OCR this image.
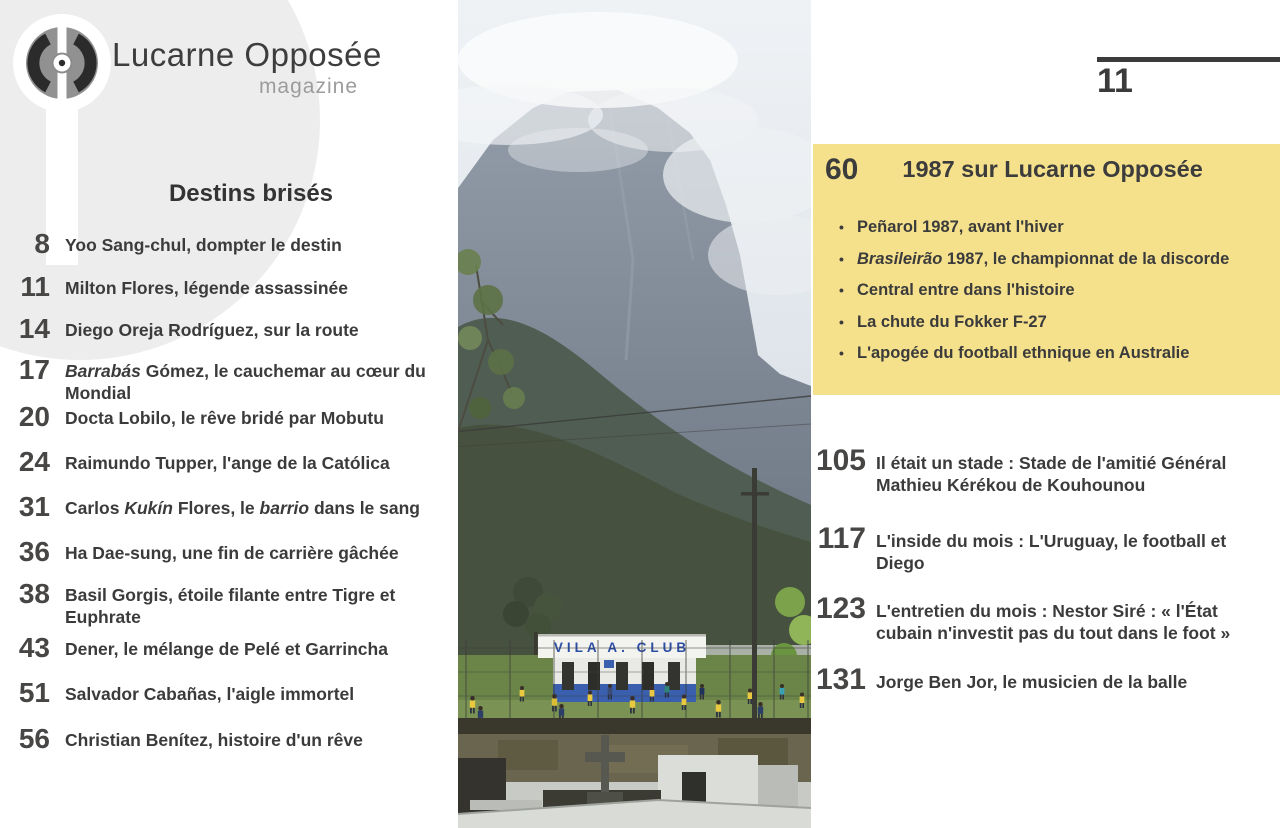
Lucarne Opposée
magazine
Destins brisés
8 Yoo Sang-chul, dompter le destin
11 Milton Flores, légende assassinée
14 Diego Oreja Rodríguez, sur la route
17 Barrabás Gómez, le cauchemar au cœur du Mondial
20 Docta Lobilo, le rêve bridé par Mobutu
24 Raimundo Tupper, l'ange de la Católica
31 Carlos Kukín Flores, le barrio dans le sang
36 Ha Dae-sung, une fin de carrière gâchée
38 Basil Gorgis, étoile filante entre Tigre et Euphrate
43 Dener, le mélange de Pelé et Garrincha
51 Salvador Cabañas, l'aigle immortel
56 Christian Benítez, histoire d'un rêve
11
60 1987 sur Lucarne Opposée
• Peñarol 1987, avant l'hiver
• Brasileirão 1987, le championnat de la discorde
• Central entre dans l'histoire
• La chute du Fokker F-27
• L'apogée du football ethnique en Australie
105 Il était un stade : Stade de l'amitié Général Mathieu Kérékou de Kouhounou
117 L'inside du mois : L'Uruguay, le football et Diego
123 L'entretien du mois : Nestor Siré : « l'État cubain n'investit pas du tout dans le foot »
131 Jorge Ben Jor, le musicien de la balle
VILA A. CLUB
